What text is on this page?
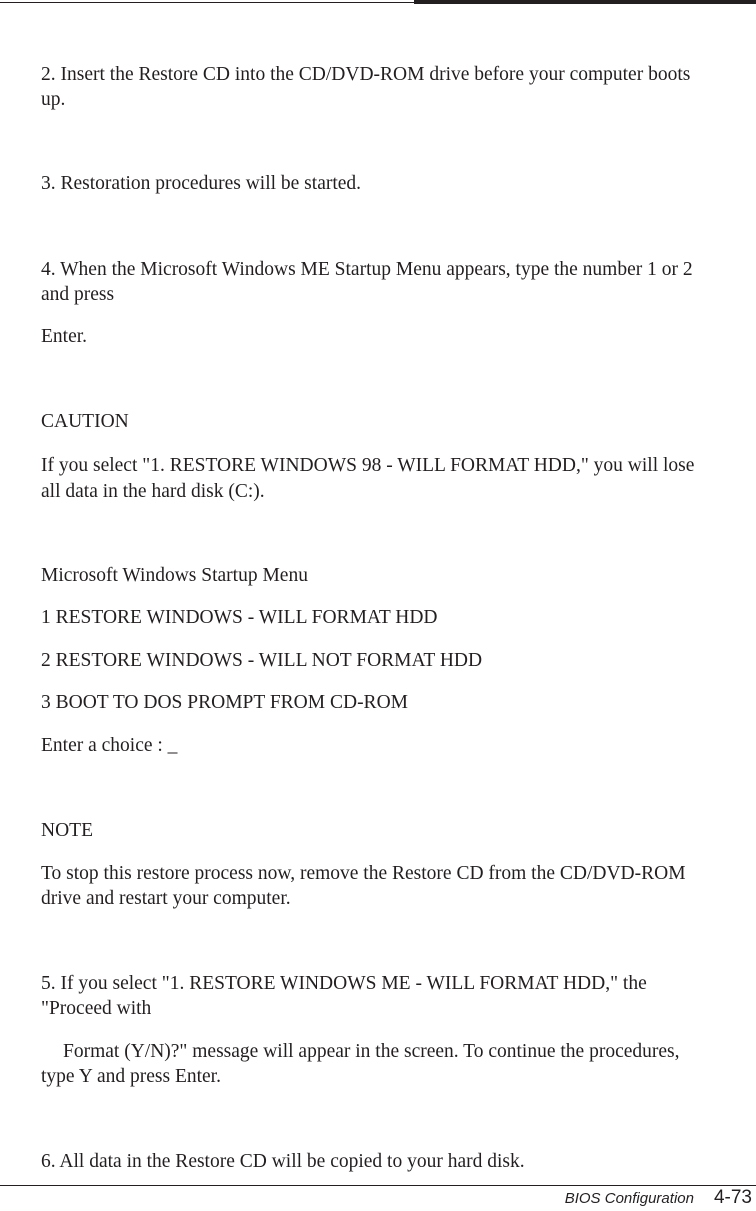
2. Insert the Restore CD into the CD/DVD-ROM drive before your computer boots
up.
3. Restoration procedures will be started.
4. When the Microsoft Windows ME Startup Menu appears, type the number 1 or 2
and press
Enter.
CAUTION
If you select "1. RESTORE WINDOWS 98 - WILL FORMAT HDD," you will lose
all data in the hard disk (C:).
Microsoft Windows Startup Menu
1 RESTORE WINDOWS - WILL FORMAT HDD
2 RESTORE WINDOWS - WILL NOT FORMAT HDD
3 BOOT TO DOS PROMPT FROM CD-ROM
Enter a choice : _
NOTE
To stop this restore process now, remove the Restore CD from the CD/DVD-ROM
drive and restart your computer.
5. If you select "1. RESTORE WINDOWS ME - WILL FORMAT HDD," the
"Proceed with
Format (Y/N)?" message will appear in the screen. To continue the procedures,
type Y and press Enter.
6. All data in the Restore CD will be copied to your hard disk.
BIOS Configuration 4-73
